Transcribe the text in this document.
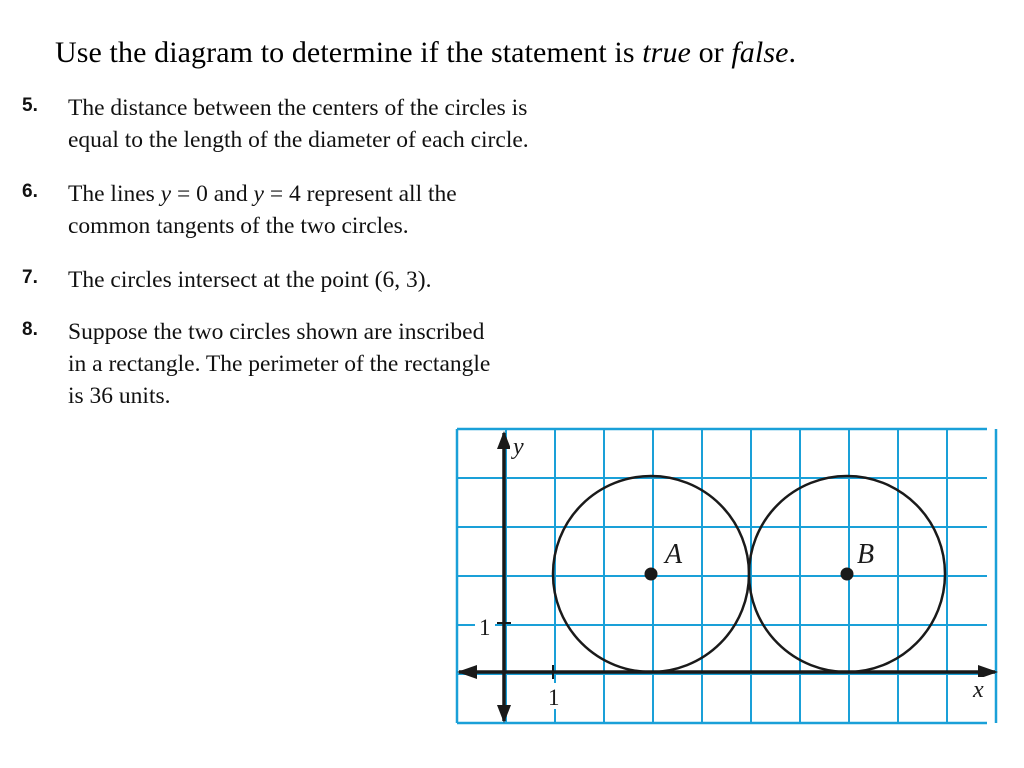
Use the diagram to determine if the statement is true or false.
5.	The distance between the centers of the circles is
equal to the length of the diameter of each circle.
6.	The lines y = 0 and y = 4 represent all the
common tangents of the two circles.
7.	The circles intersect at the point (6, 3).
8.	Suppose the two circles shown are inscribed
in a rectangle. The perimeter of the rectangle
is 36 units.
y
x
1
1
A	B
